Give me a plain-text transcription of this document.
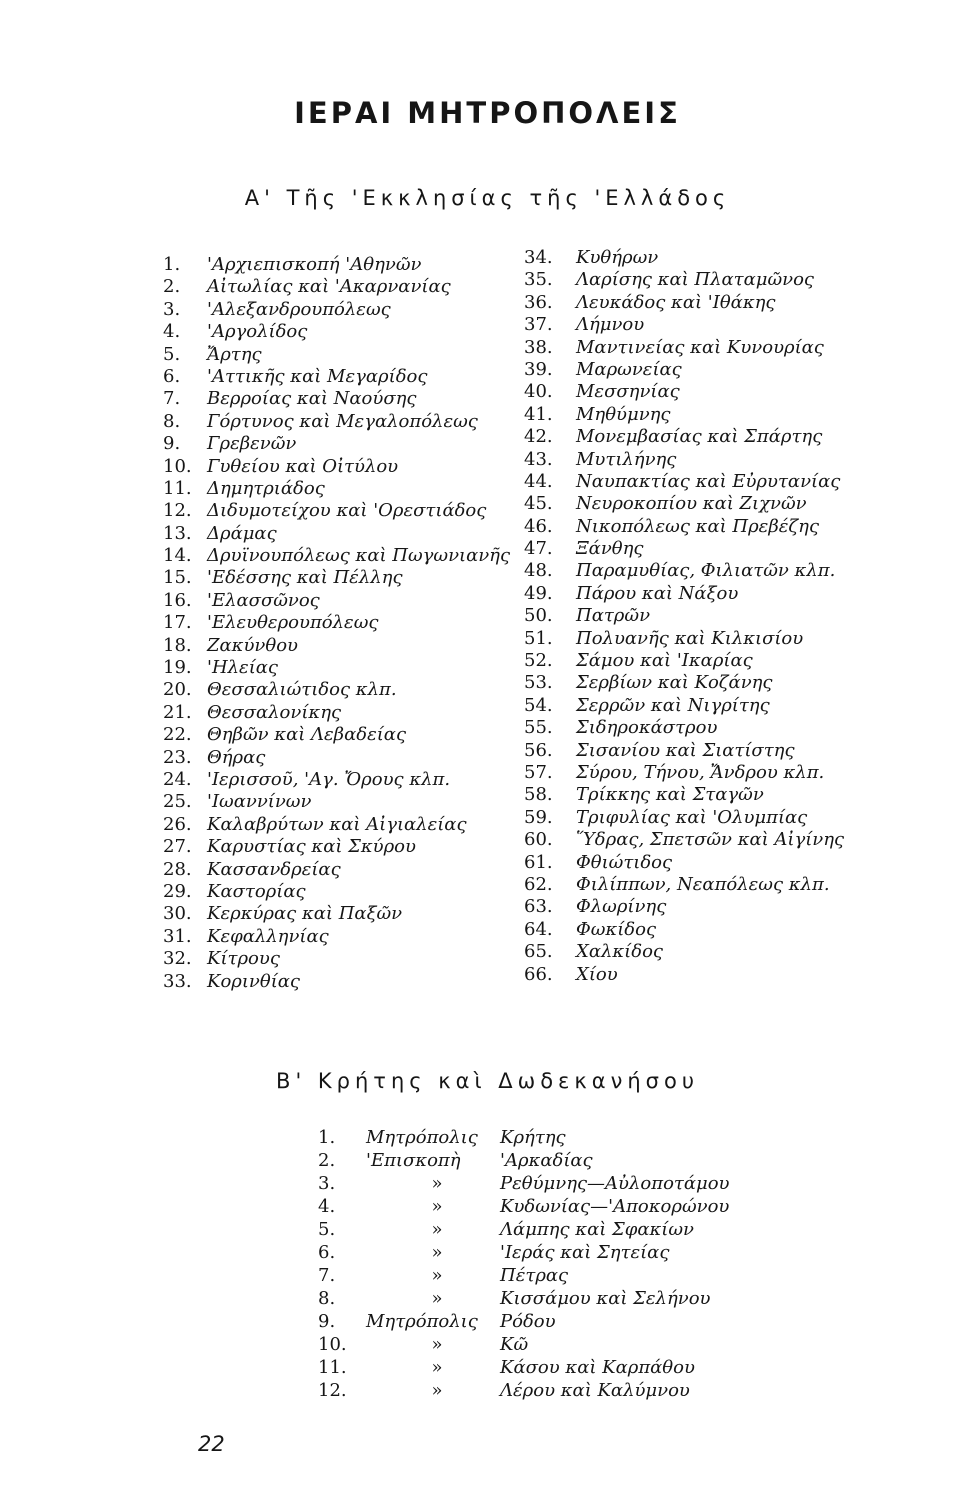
ΙΕΡΑΙ ΜΗΤΡΟΠΟΛΕΙΣ
Α' Τῆς 'Εκκλησίας τῆς 'Ελλάδος
1. 'Αρχιεπισκοπή 'Αθηνῶν
2. Αἰτωλίας καὶ 'Ακαρνανίας
3. 'Αλεξανδρουπόλεως
4. 'Αργολίδος
5. Ἄρτης
6. 'Αττικῆς καὶ Μεγαρίδος
7. Βερροίας καὶ Ναούσης
8. Γόρτυνος καὶ Μεγαλοπόλεως
9. Γρεβενῶν
10. Γυθείου καὶ Οἰτύλου
11. Δημητριάδος
12. Διδυμοτείχου καὶ 'Ορεστιάδος
13. Δράμας
14. Δρυϊνουπόλεως καὶ Πωγωνιανῆς
15. 'Εδέσσης καὶ Πέλλης
16. 'Ελασσῶνος
17. 'Ελευθερουπόλεως
18. Ζακύνθου
19. 'Ηλείας
20. Θεσσαλιώτιδος κλπ.
21. Θεσσαλονίκης
22. Θηβῶν καὶ Λεβαδείας
23. Θήρας
24. 'Ιερισσοῦ, 'Αγ. Ὄρους κλπ.
25. 'Ιωαννίνων
26. Καλαβρύτων καὶ Αἰγιαλείας
27. Καρυστίας καὶ Σκύρου
28. Κασσανδρείας
29. Καστορίας
30. Κερκύρας καὶ Παξῶν
31. Κεφαλληνίας
32. Κίτρους
33. Κορινθίας
34. Κυθήρων
35. Λαρίσης καὶ Πλαταμῶνος
36. Λευκάδος καὶ 'Ιθάκης
37. Λήμνου
38. Μαντινείας καὶ Κυνουρίας
39. Μαρωνείας
40. Μεσσηνίας
41. Μηθύμνης
42. Μονεμβασίας καὶ Σπάρτης
43. Μυτιλήνης
44. Ναυπακτίας καὶ Εὐρυτανίας
45. Νευροκοπίου καὶ Ζιχνῶν
46. Νικοπόλεως καὶ Πρεβέζης
47. Ξάνθης
48. Παραμυθίας, Φιλιατῶν κλπ.
49. Πάρου καὶ Νάξου
50. Πατρῶν
51. Πολυανῆς καὶ Κιλκισίου
52. Σάμου καὶ 'Ικαρίας
53. Σερβίων καὶ Κοζάνης
54. Σερρῶν καὶ Νιγρίτης
55. Σιδηροκάστρου
56. Σισανίου καὶ Σιατίστης
57. Σύρου, Τήνου, Ἄνδρου κλπ.
58. Τρίκκης καὶ Σταγῶν
59. Τριφυλίας καὶ 'Ολυμπίας
60. Ὕδρας, Σπετσῶν καὶ Αἰγίνης
61. Φθιώτιδος
62. Φιλίππων, Νεαπόλεως κλπ.
63. Φλωρίνης
64. Φωκίδος
65. Χαλκίδος
66. Χίου
Β' Κρήτης καὶ Δωδεκανήσου
1. Μητρόπολις Κρήτης
2. 'Επισκοπὴ 'Αρκαδίας
3.	»	Ρεθύμνης—Αὐλοποτάμου
4.	»	Κυδωνίας—'Αποκορώνου
5.	»	Λάμπης καὶ Σφακίων
6.	»	'Ιεράς καὶ Σητείας
7.	»	Πέτρας
8.	»	Κισσάμου καὶ Σελήνου
9. Μητρόπολις Ρόδου
10.	»	Κῶ
11.	»	Κάσου καὶ Καρπάθου
12.	»	Λέρου καὶ Καλύμνου
22
